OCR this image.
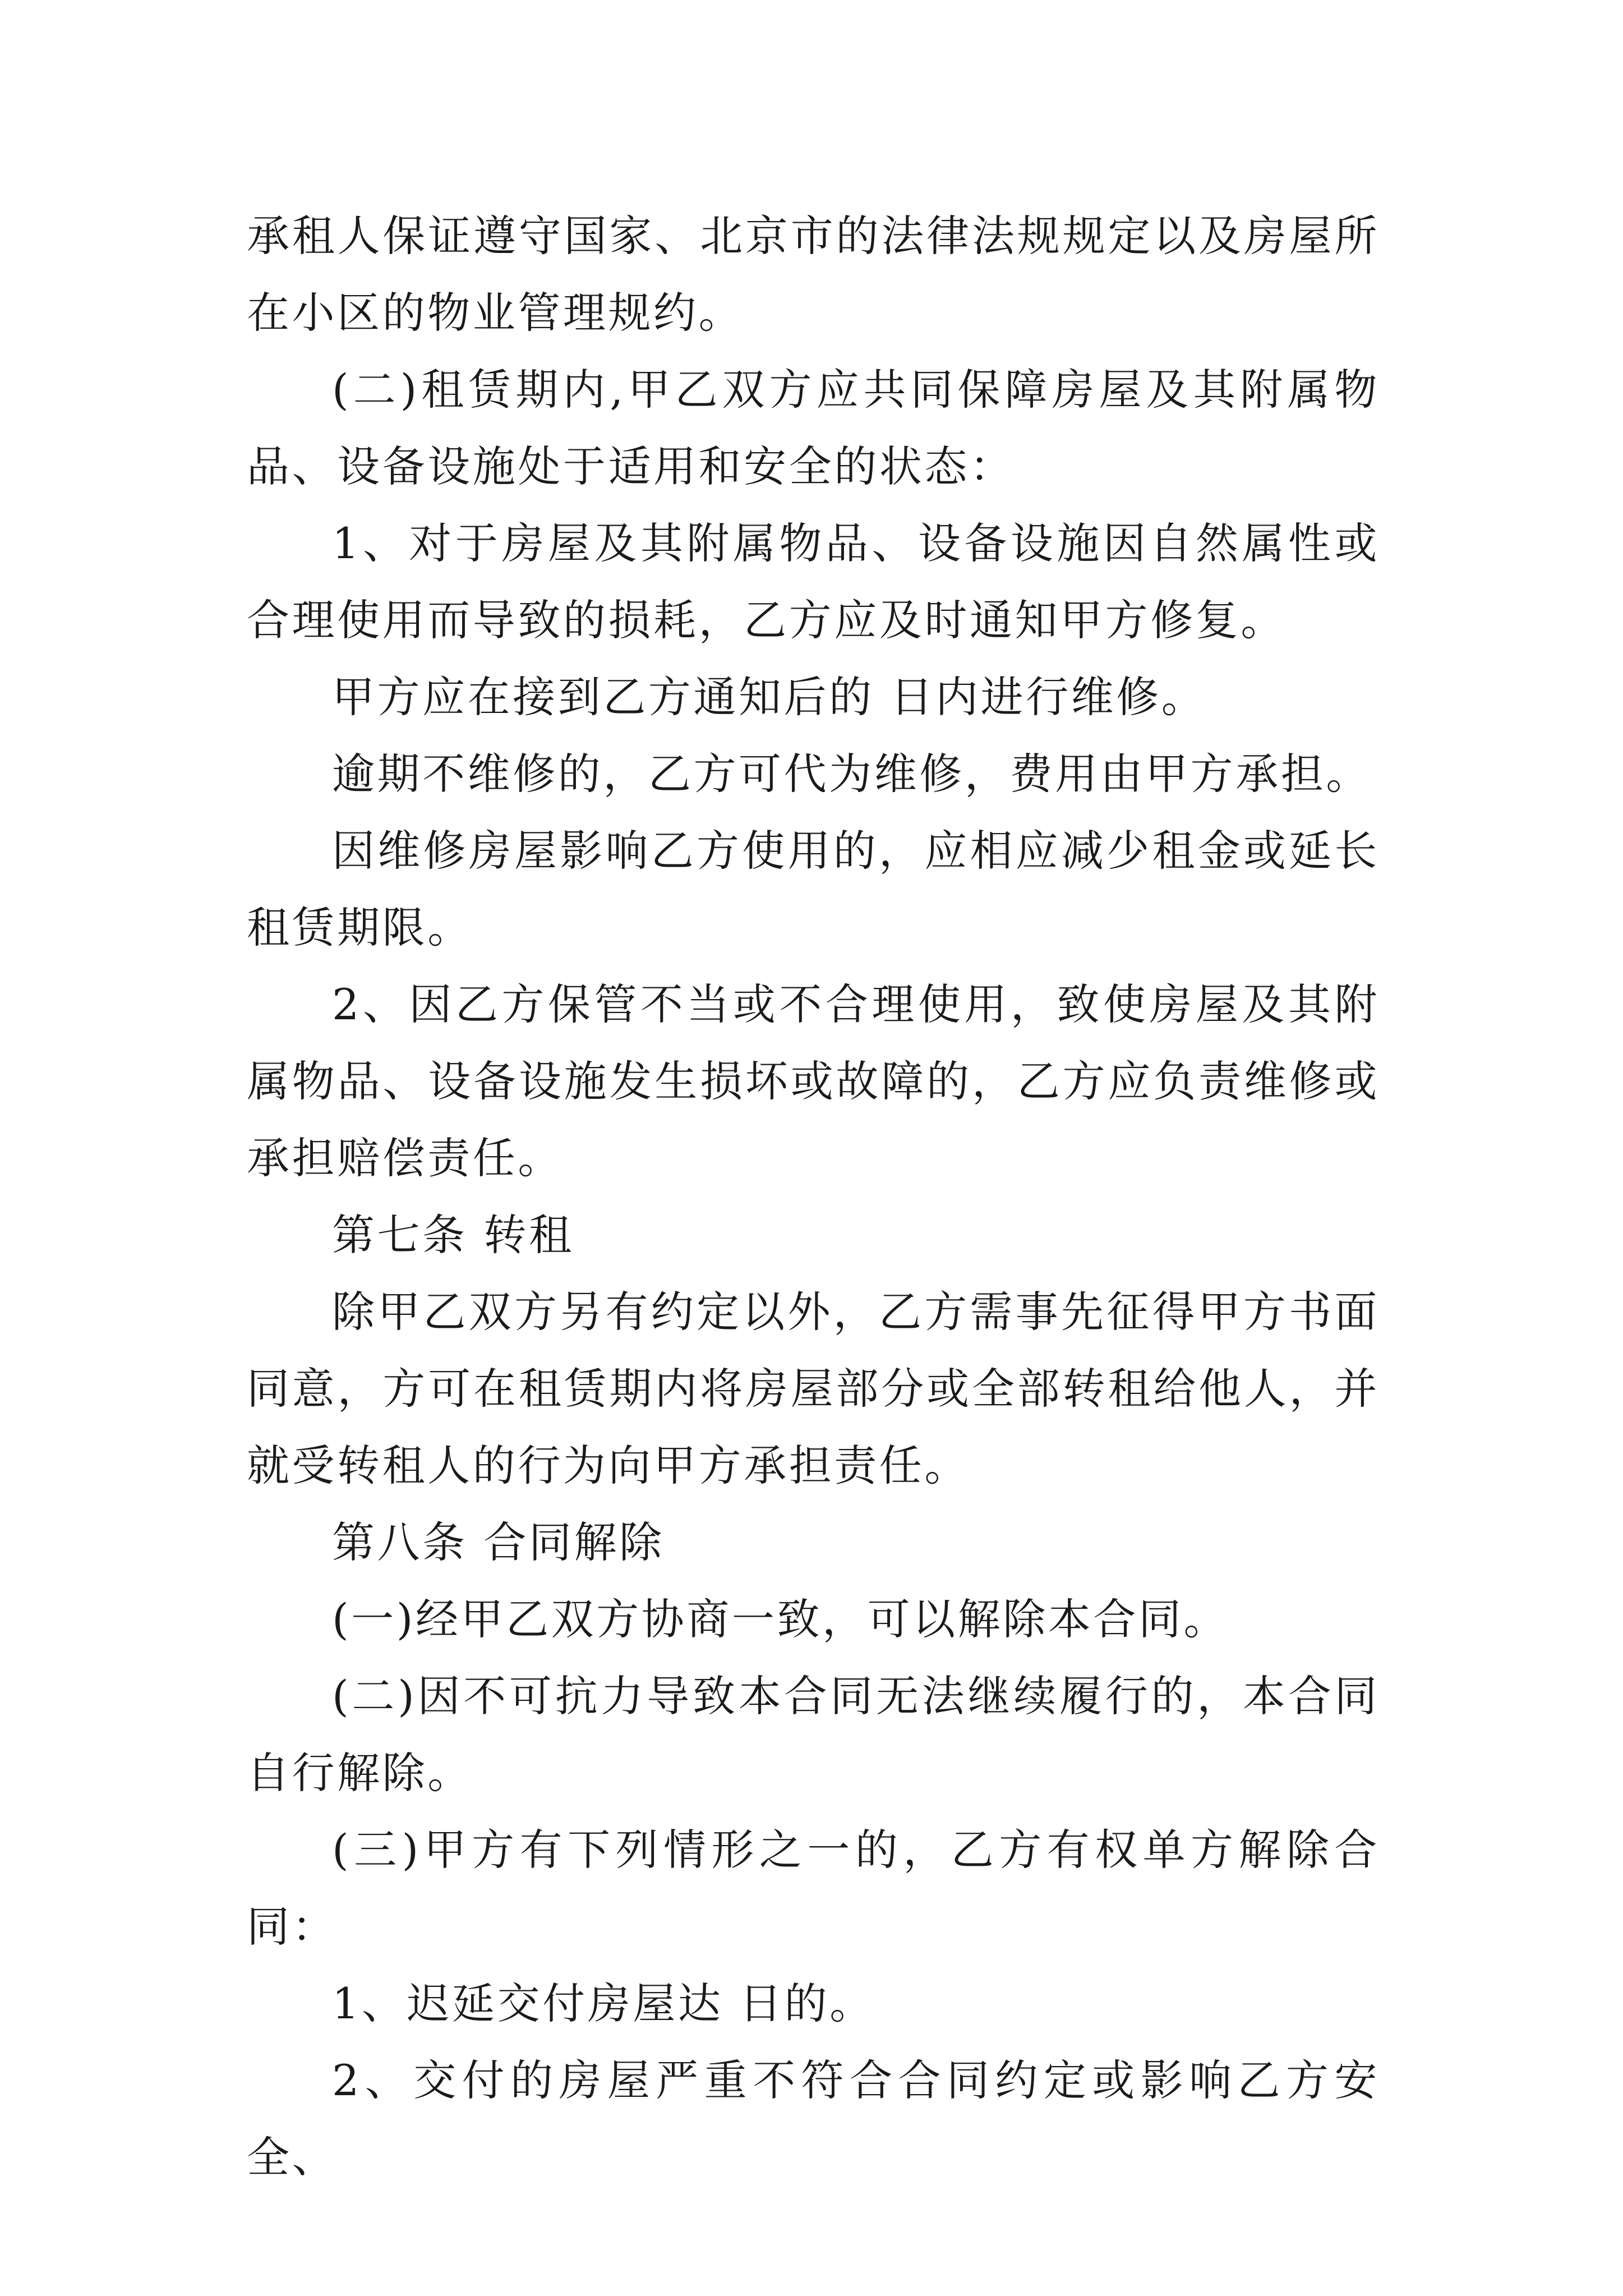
承租人保证遵守国家、北京市的法律法规规定以及房屋所在小区的物业管理规约。

(二)租赁期内,甲乙双方应共同保障房屋及其附属物品、设备设施处于适用和安全的状态：

1、对于房屋及其附属物品、设备设施因自然属性或合理使用而导致的损耗，乙方应及时通知甲方修复。

甲方应在接到乙方通知后的 日内进行维修。

逾期不维修的，乙方可代为维修，费用由甲方承担。

因维修房屋影响乙方使用的，应相应减少租金或延长租赁期限。

2、因乙方保管不当或不合理使用，致使房屋及其附属物品、设备设施发生损坏或故障的，乙方应负责维修或承担赔偿责任。

第七条 转租

除甲乙双方另有约定以外，乙方需事先征得甲方书面同意，方可在租赁期内将房屋部分或全部转租给他人，并就受转租人的行为向甲方承担责任。

第八条 合同解除

(一)经甲乙双方协商一致，可以解除本合同。

(二)因不可抗力导致本合同无法继续履行的，本合同自行解除。

(三)甲方有下列情形之一的，乙方有权单方解除合同：

1、迟延交付房屋达 日的。

2、交付的房屋严重不符合合同约定或影响乙方安全、
